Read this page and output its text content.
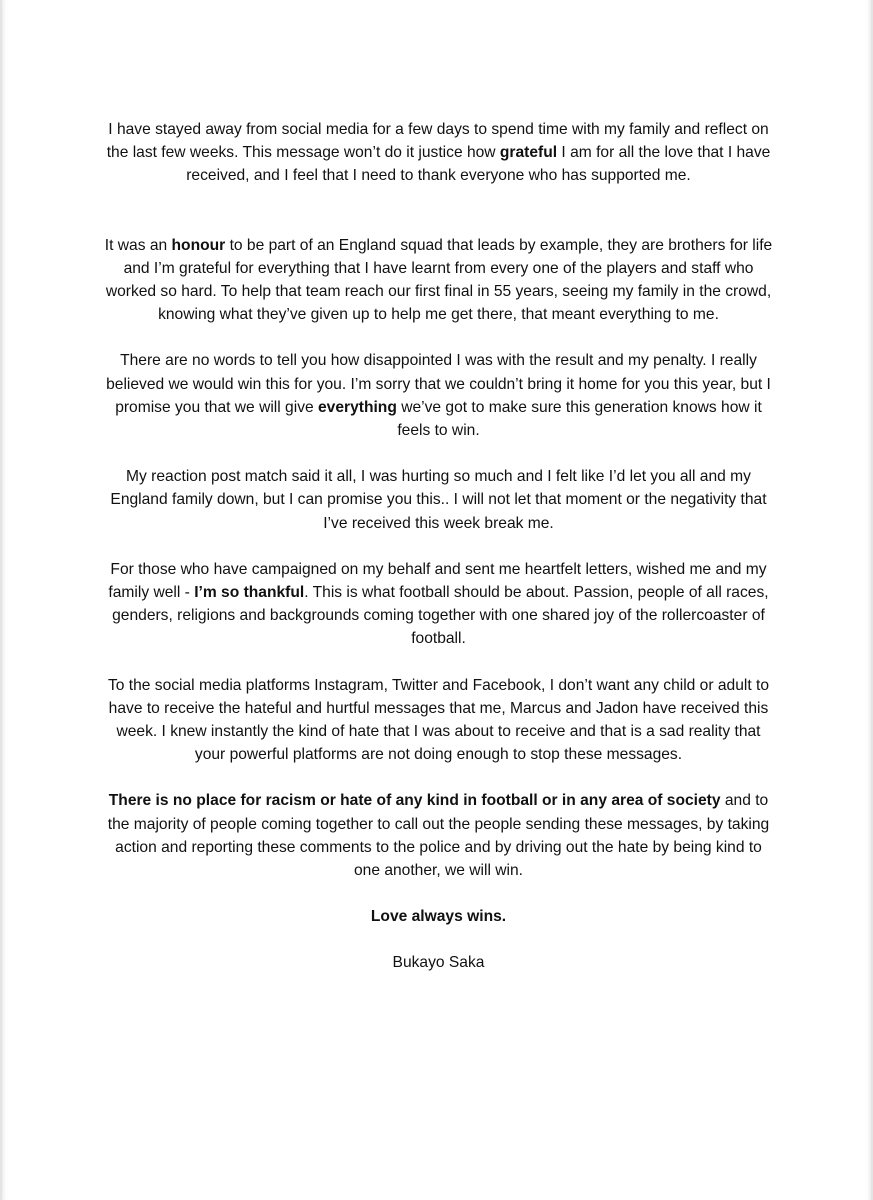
I have stayed away from social media for a few days to spend time with my family and reflect on the last few weeks. This message won’t do it justice how grateful I am for all the love that I have received, and I feel that I need to thank everyone who has supported me.

It was an honour to be part of an England squad that leads by example, they are brothers for life and I’m grateful for everything that I have learnt from every one of the players and staff who worked so hard. To help that team reach our first final in 55 years, seeing my family in the crowd, knowing what they’ve given up to help me get there, that meant everything to me.

There are no words to tell you how disappointed I was with the result and my penalty. I really believed we would win this for you. I’m sorry that we couldn’t bring it home for you this year, but I promise you that we will give everything we’ve got to make sure this generation knows how it feels to win.

My reaction post match said it all, I was hurting so much and I felt like I’d let you all and my England family down, but I can promise you this.. I will not let that moment or the negativity that I’ve received this week break me.

For those who have campaigned on my behalf and sent me heartfelt letters, wished me and my family well - I’m so thankful. This is what football should be about. Passion, people of all races, genders, religions and backgrounds coming together with one shared joy of the rollercoaster of football.

To the social media platforms Instagram, Twitter and Facebook, I don’t want any child or adult to have to receive the hateful and hurtful messages that me, Marcus and Jadon have received this week. I knew instantly the kind of hate that I was about to receive and that is a sad reality that your powerful platforms are not doing enough to stop these messages.

There is no place for racism or hate of any kind in football or in any area of society and to the majority of people coming together to call out the people sending these messages, by taking action and reporting these comments to the police and by driving out the hate by being kind to one another, we will win.

Love always wins.

Bukayo Saka
